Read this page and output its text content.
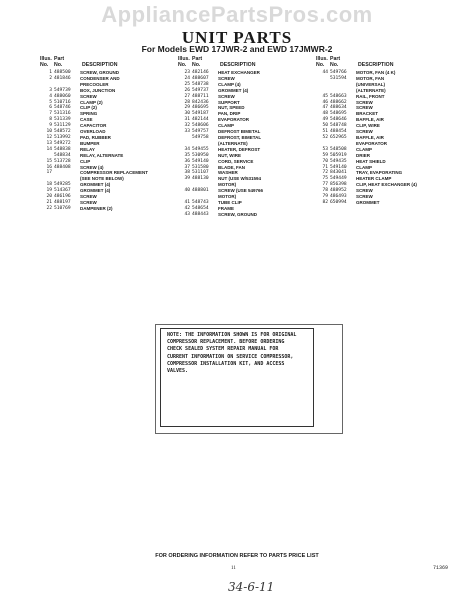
AppliancePartsPros.com
UNIT PARTS
For Models EWD 17JWR-2 and EWD 17JMWR-2
Illus. Part
No.	No.	DESCRIPTION
1 488500	SCREW, GROUND
2 481846	CONDENSER AND
PRECOOLER
3 549739	BOX, JUNCTION
4 488060	SCREW
5 510716	CLAMP (2)
6 548746	CLIP (2)
7 531316	SPRING
8 531339	CASE
9 531129	CAPACITOR
10 548572	OVERLOAD
12 513992	PAD, RUBBER
13 549272	BUMPER
14 548838	RELAY
548834	RELAY, ALTERNATE
15 513728	CLIP
16 488408	SCREW (4)
17	COMPRESSOR REPLACEMENT
(SEE NOTE BELOW)
18 549285	GROMMET (4)
19 514367	GROMMET (4)
20 486196	SCREW
21 488197	SCREW
22 510769	DAMPENER (2)
Illus. Part
No.	No.	DESCRIPTION
23 482146	HEAT EXCHANGER
24 488607	SCREW
25 548738	CLAMP (4)
26 549737	GROMMET (4)
27 488711	SCREW
28 842436	SUPPORT
29 486695	NUT, SPEED
30 549187	PAN, DRIP
31 482144	EVAPORATOR
32 548606	CLAMP
33 549757	DEFROST BIMETAL
549758	DEFROST, BIMETAL
(ALTERNATE)
34 549455	HEATER, DEFROST
35 530950	NUT, WIRE
36 549140	CORD, SERVICE
37 531580	BLADE, FAN
38 531107	WASHER
39 488130	NUT (USE W/531594
MOTOR)
40 488801	SCREW (USE 549766
MOTOR)
41 548743	TUBE CLIP
42 548654	FRAME
43 488443	SCREW, GROUND
Illus. Part
No.	No.	DESCRIPTION
44 549766	MOTOR, FAN (4 K)
531594	MOTOR, FAN
(UNIVERSAL)
(ALTERNATE)
45 548663	RAIL, FRONT
46 488662	SCREW
47 488634	SCREW
48 548695	BRACKET
49 548646	BAFFLE, AIR
50 548748	CLIP, WIRE
51 488454	SCREW
52 652965	BAFFLE, AIR
EVAPORATOR
53 548508	CLAMP
59 505919	DRIER
70 549435	HEAT SHIELD
71 549140	CLAMP
72 843041	TRAY, EVAPORATING
75 549449	HEATER CLAMP
77 856398	CLIP, HEAT EXCHANGER (4)
78 488952	SCREW
79 486493	SCREW
82 650994	GROMMET
NOTE: THE INFORMATION SHOWN IS FOR ORIGINAL
COMPRESSOR REPLACEMENT. BEFORE ORDERING
CHECK SEALED SYSTEM REPAIR MANUAL FOR
CURRENT INFORMATION ON SERVICE COMPRESSOR,
COMPRESSOR INSTALLATION KIT, AND ACCESS
VALVES.
FOR ORDERING INFORMATION REFER TO PARTS PRICE LIST
11	71369
34-6-11
